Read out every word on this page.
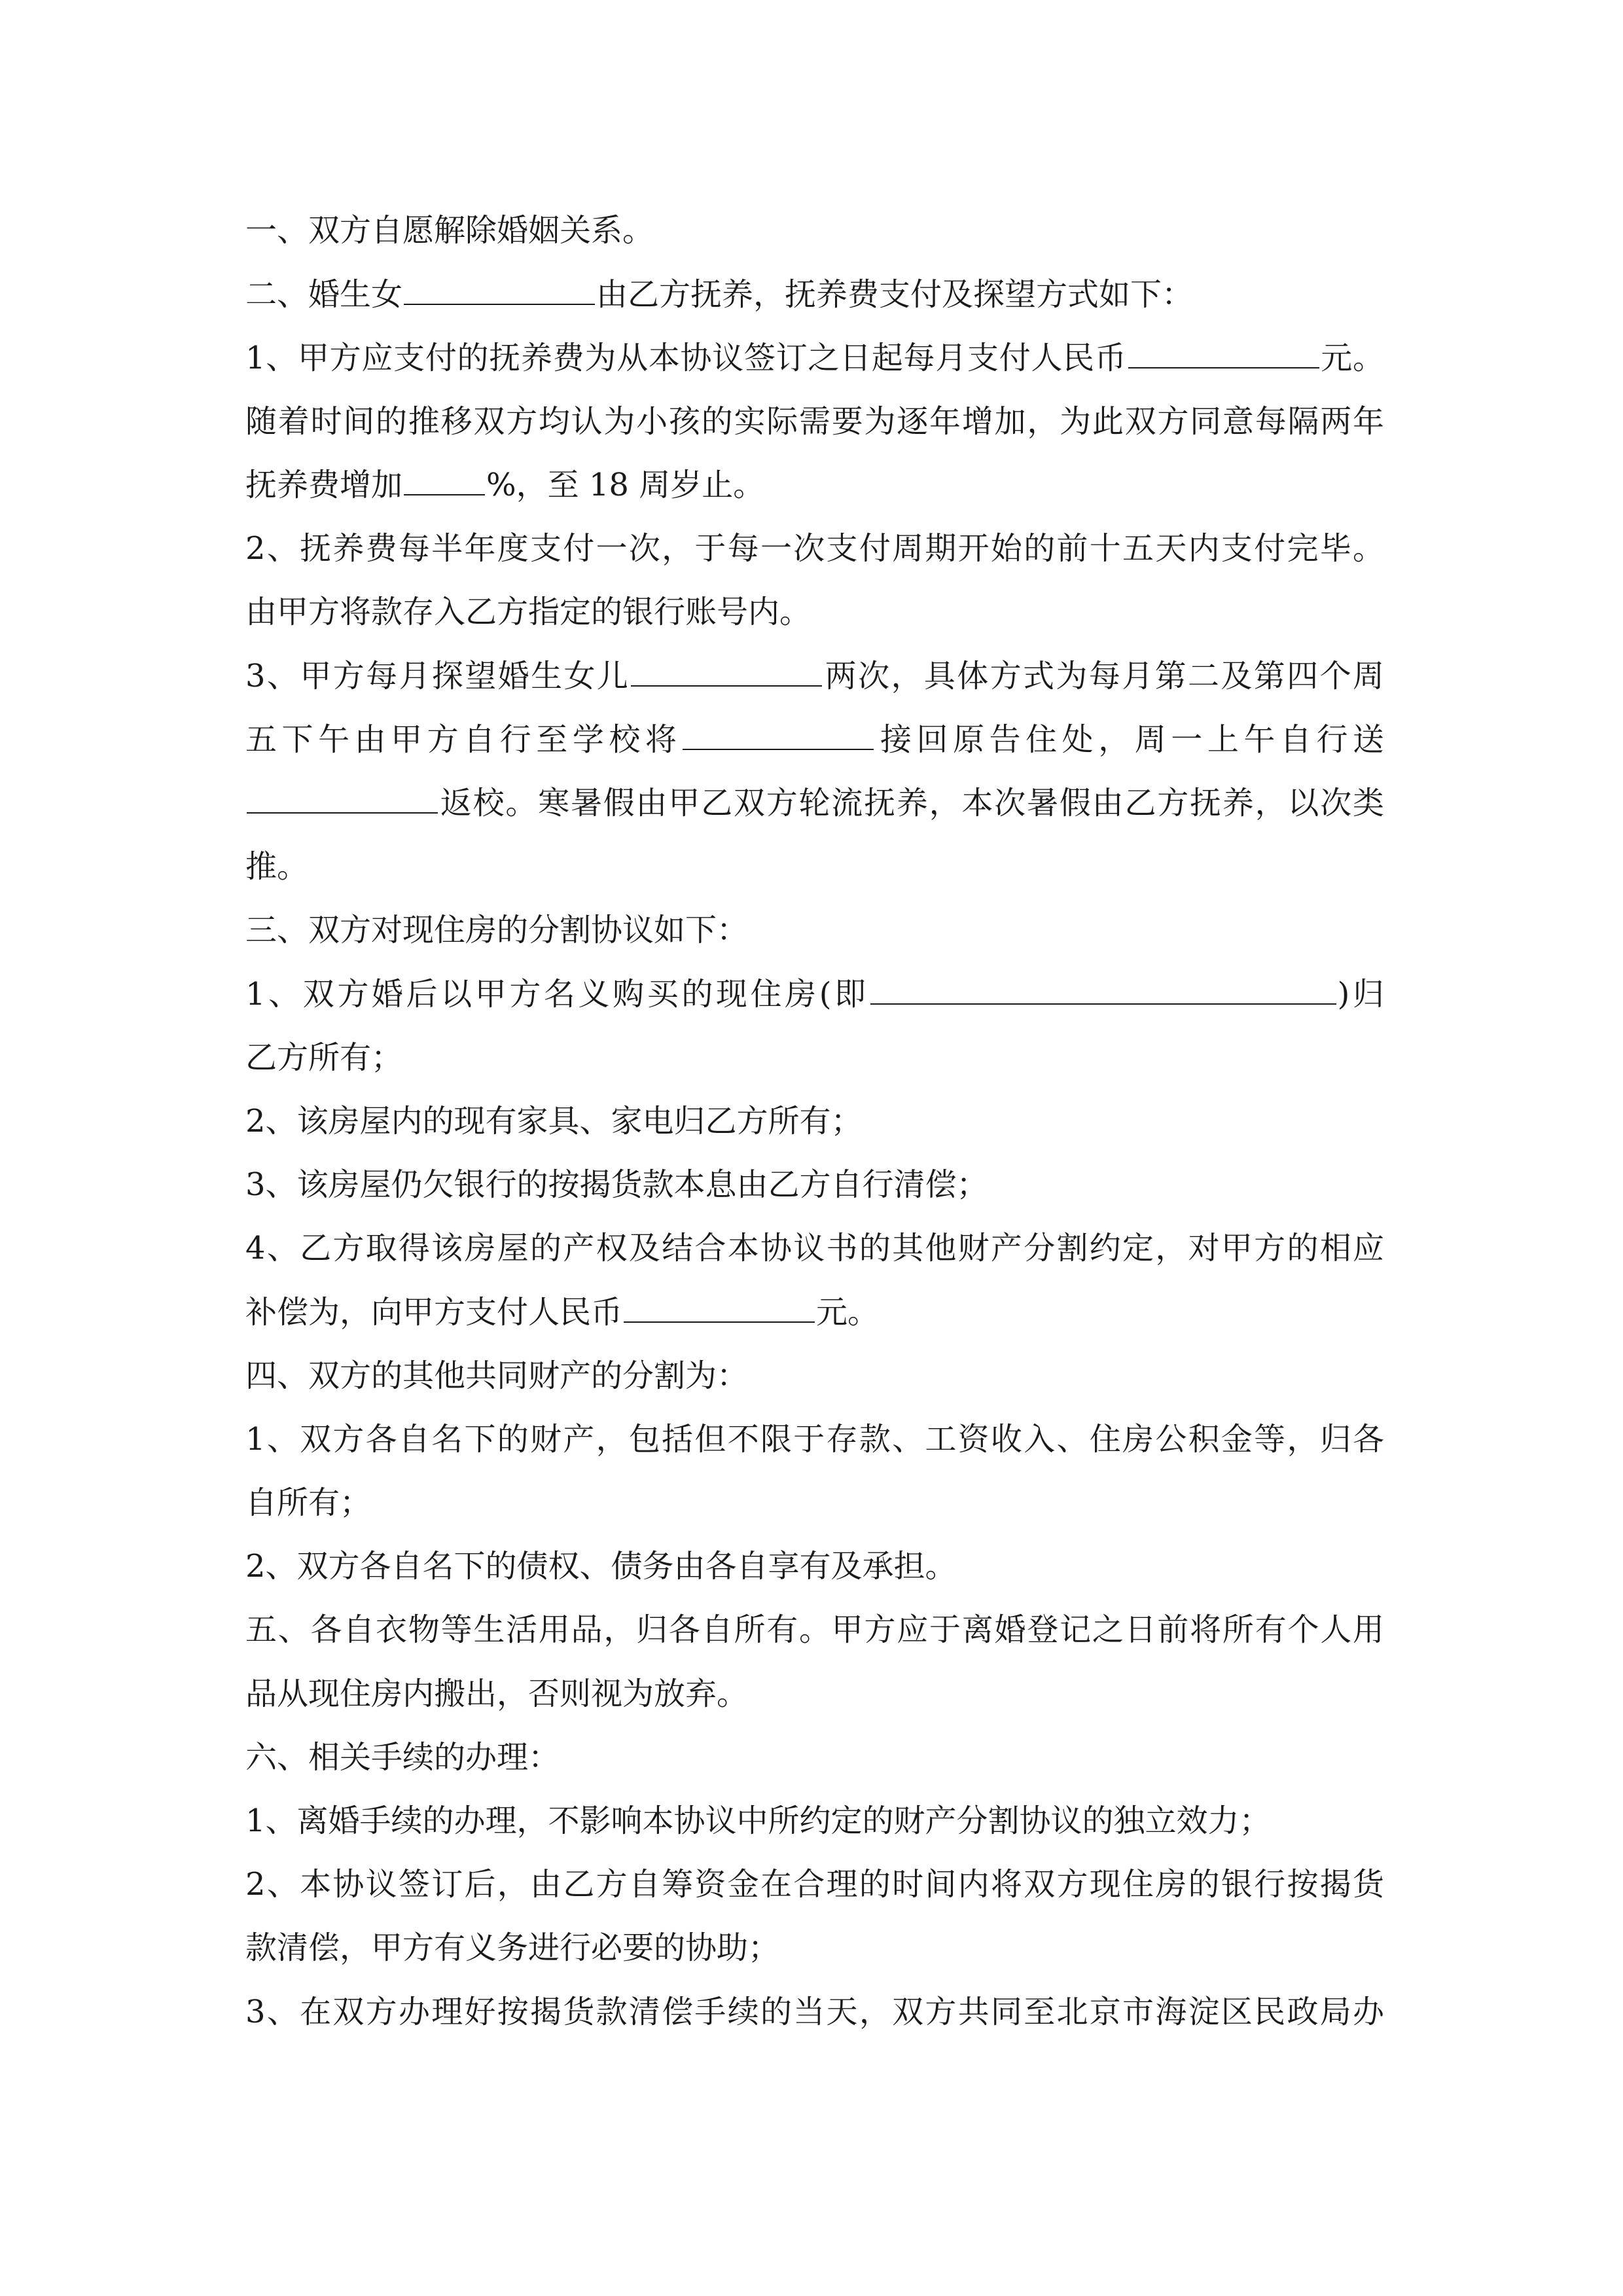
一、双方自愿解除婚姻关系。
二、婚生女	由乙方抚养，抚养费支付及探望方式如下：
1、甲方应支付的抚养费为从本协议签订之日起每月支付人民币	元。
随着时间的推移双方均认为小孩的实际需要为逐年增加，为此双方同意每隔两年
抚养费增加	%，至 18 周岁止。
2、抚养费每半年度支付一次，于每一次支付周期开始的前十五天内支付完毕。
由甲方将款存入乙方指定的银行账号内。
3、甲方每月探望婚生女儿	两次，具体方式为每月第二及第四个周
五下午由甲方自行至学校将	接回原告住处，周一上午自行送
返校。寒暑假由甲乙双方轮流抚养，本次暑假由乙方抚养，以次类
推。
三、双方对现住房的分割协议如下：
1、双方婚后以甲方名义购买的现住房(即	)归
乙方所有；
2、该房屋内的现有家具、家电归乙方所有；
3、该房屋仍欠银行的按揭货款本息由乙方自行清偿；
4、乙方取得该房屋的产权及结合本协议书的其他财产分割约定，对甲方的相应
补偿为，向甲方支付人民币	元。
四、双方的其他共同财产的分割为：
1、双方各自名下的财产，包括但不限于存款、工资收入、住房公积金等，归各
自所有；
2、双方各自名下的债权、债务由各自享有及承担。
五、各自衣物等生活用品，归各自所有。甲方应于离婚登记之日前将所有个人用
品从现住房内搬出，否则视为放弃。
六、相关手续的办理：
1、离婚手续的办理，不影响本协议中所约定的财产分割协议的独立效力；
2、本协议签订后，由乙方自筹资金在合理的时间内将双方现住房的银行按揭货
款清偿，甲方有义务进行必要的协助；
3、在双方办理好按揭货款清偿手续的当天，双方共同至北京市海淀区民政局办
